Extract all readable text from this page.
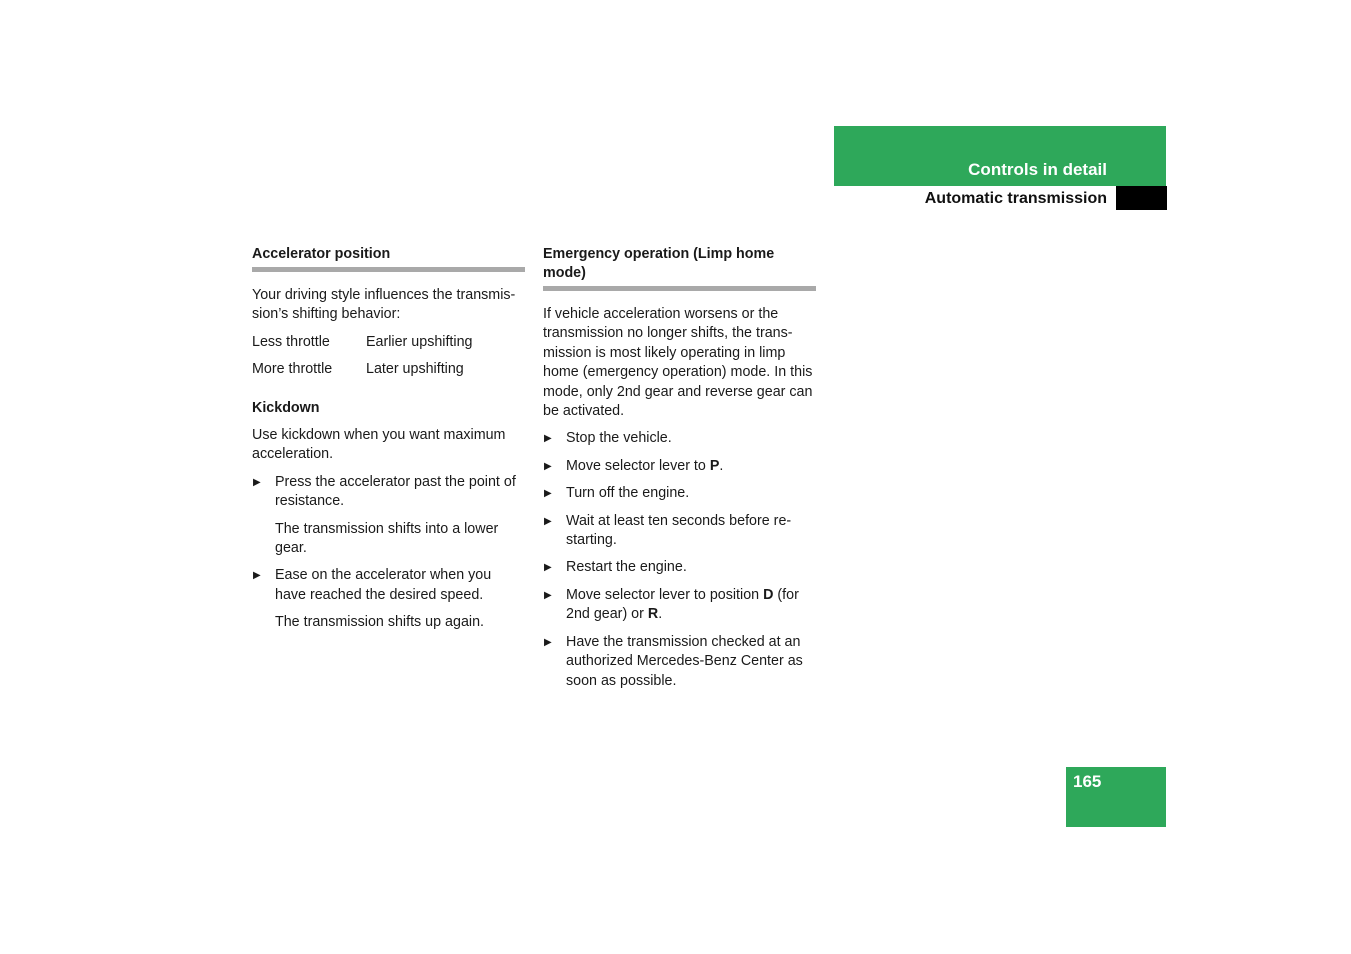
Controls in detail
Automatic transmission
Accelerator position

Your driving style influences the transmis-sion’s shifting behavior:

Less throttle	Earlier upshifting
More throttle	Later upshifting
Kickdown

Use kickdown when you want maximum acceleration.

▶ Press the accelerator past the point of resistance.
The transmission shifts into a lower gear.
▶ Ease on the accelerator when you have reached the desired speed.
The transmission shifts up again.
Emergency operation (Limp home mode)

If vehicle acceleration worsens or the transmission no longer shifts, the trans-mission is most likely operating in limp home (emergency operation) mode. In this mode, only 2nd gear and reverse gear can be activated.

▶ Stop the vehicle.
▶ Move selector lever to P.
▶ Turn off the engine.
▶ Wait at least ten seconds before re-starting.
▶ Restart the engine.
▶ Move selector lever to position D (for 2nd gear) or R.
▶ Have the transmission checked at an authorized Mercedes-Benz Center as soon as possible.
165
